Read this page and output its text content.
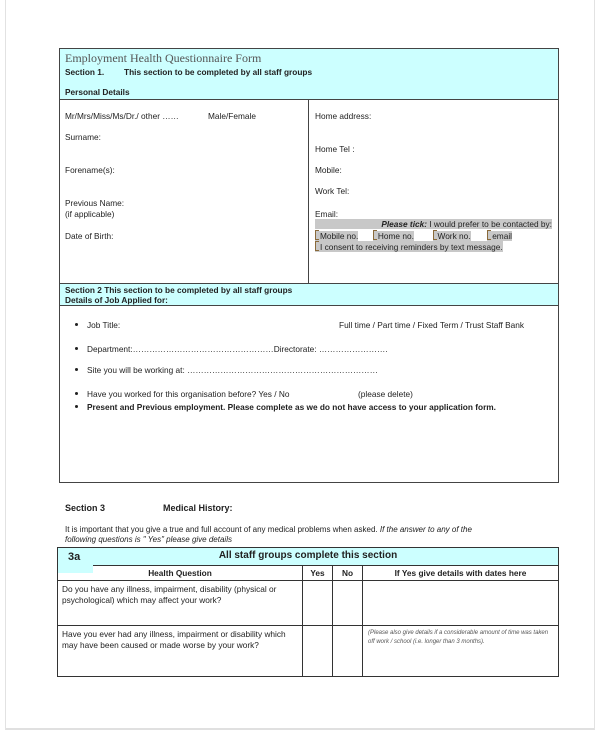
Employment Health Questionnaire Form
Section 1. This section to be completed by all staff groups
Personal Details
Mr/Mrs/Miss/Ms/Dr./ other ……	Male/Female
Surname:
Forename(s):
Previous Name:
(if applicable)
Date of Birth:
Home address:
Home Tel :
Mobile:
Work Tel:
Email:
Please tick: I would prefer to be contacted by:
Mobile no. Home no.	Work no.	email
I consent to receiving reminders by text message.
Section 2 This section to be completed by all staff groups
Details of Job Applied for:
Job Title:	Full time / Part time / Fixed Term / Trust Staff Bank
Department:……………………………………………Directorate: …………………….
Site you will be working at: ……………………………………………………………
Have you worked for this organisation before? Yes / No	(please delete)
Present and Previous employment. Please complete as we do not have access to your application form.
Section 3	Medical History:
It is important that you give a true and full account of any medical problems when asked. If the answer to any of the
following questions is " Yes" please give details
All staff groups complete this section
3a
Health Question	Yes	No	If Yes give details with dates here
Do you have any illness, impairment, disability (physical or psychological) which may affect your work?
Have you ever had any illness, impairment or disability which may have been caused or made worse by your work?
(Please also give details if a considerable amount of time was taken off work / school (i.e. longer than 3 months).
